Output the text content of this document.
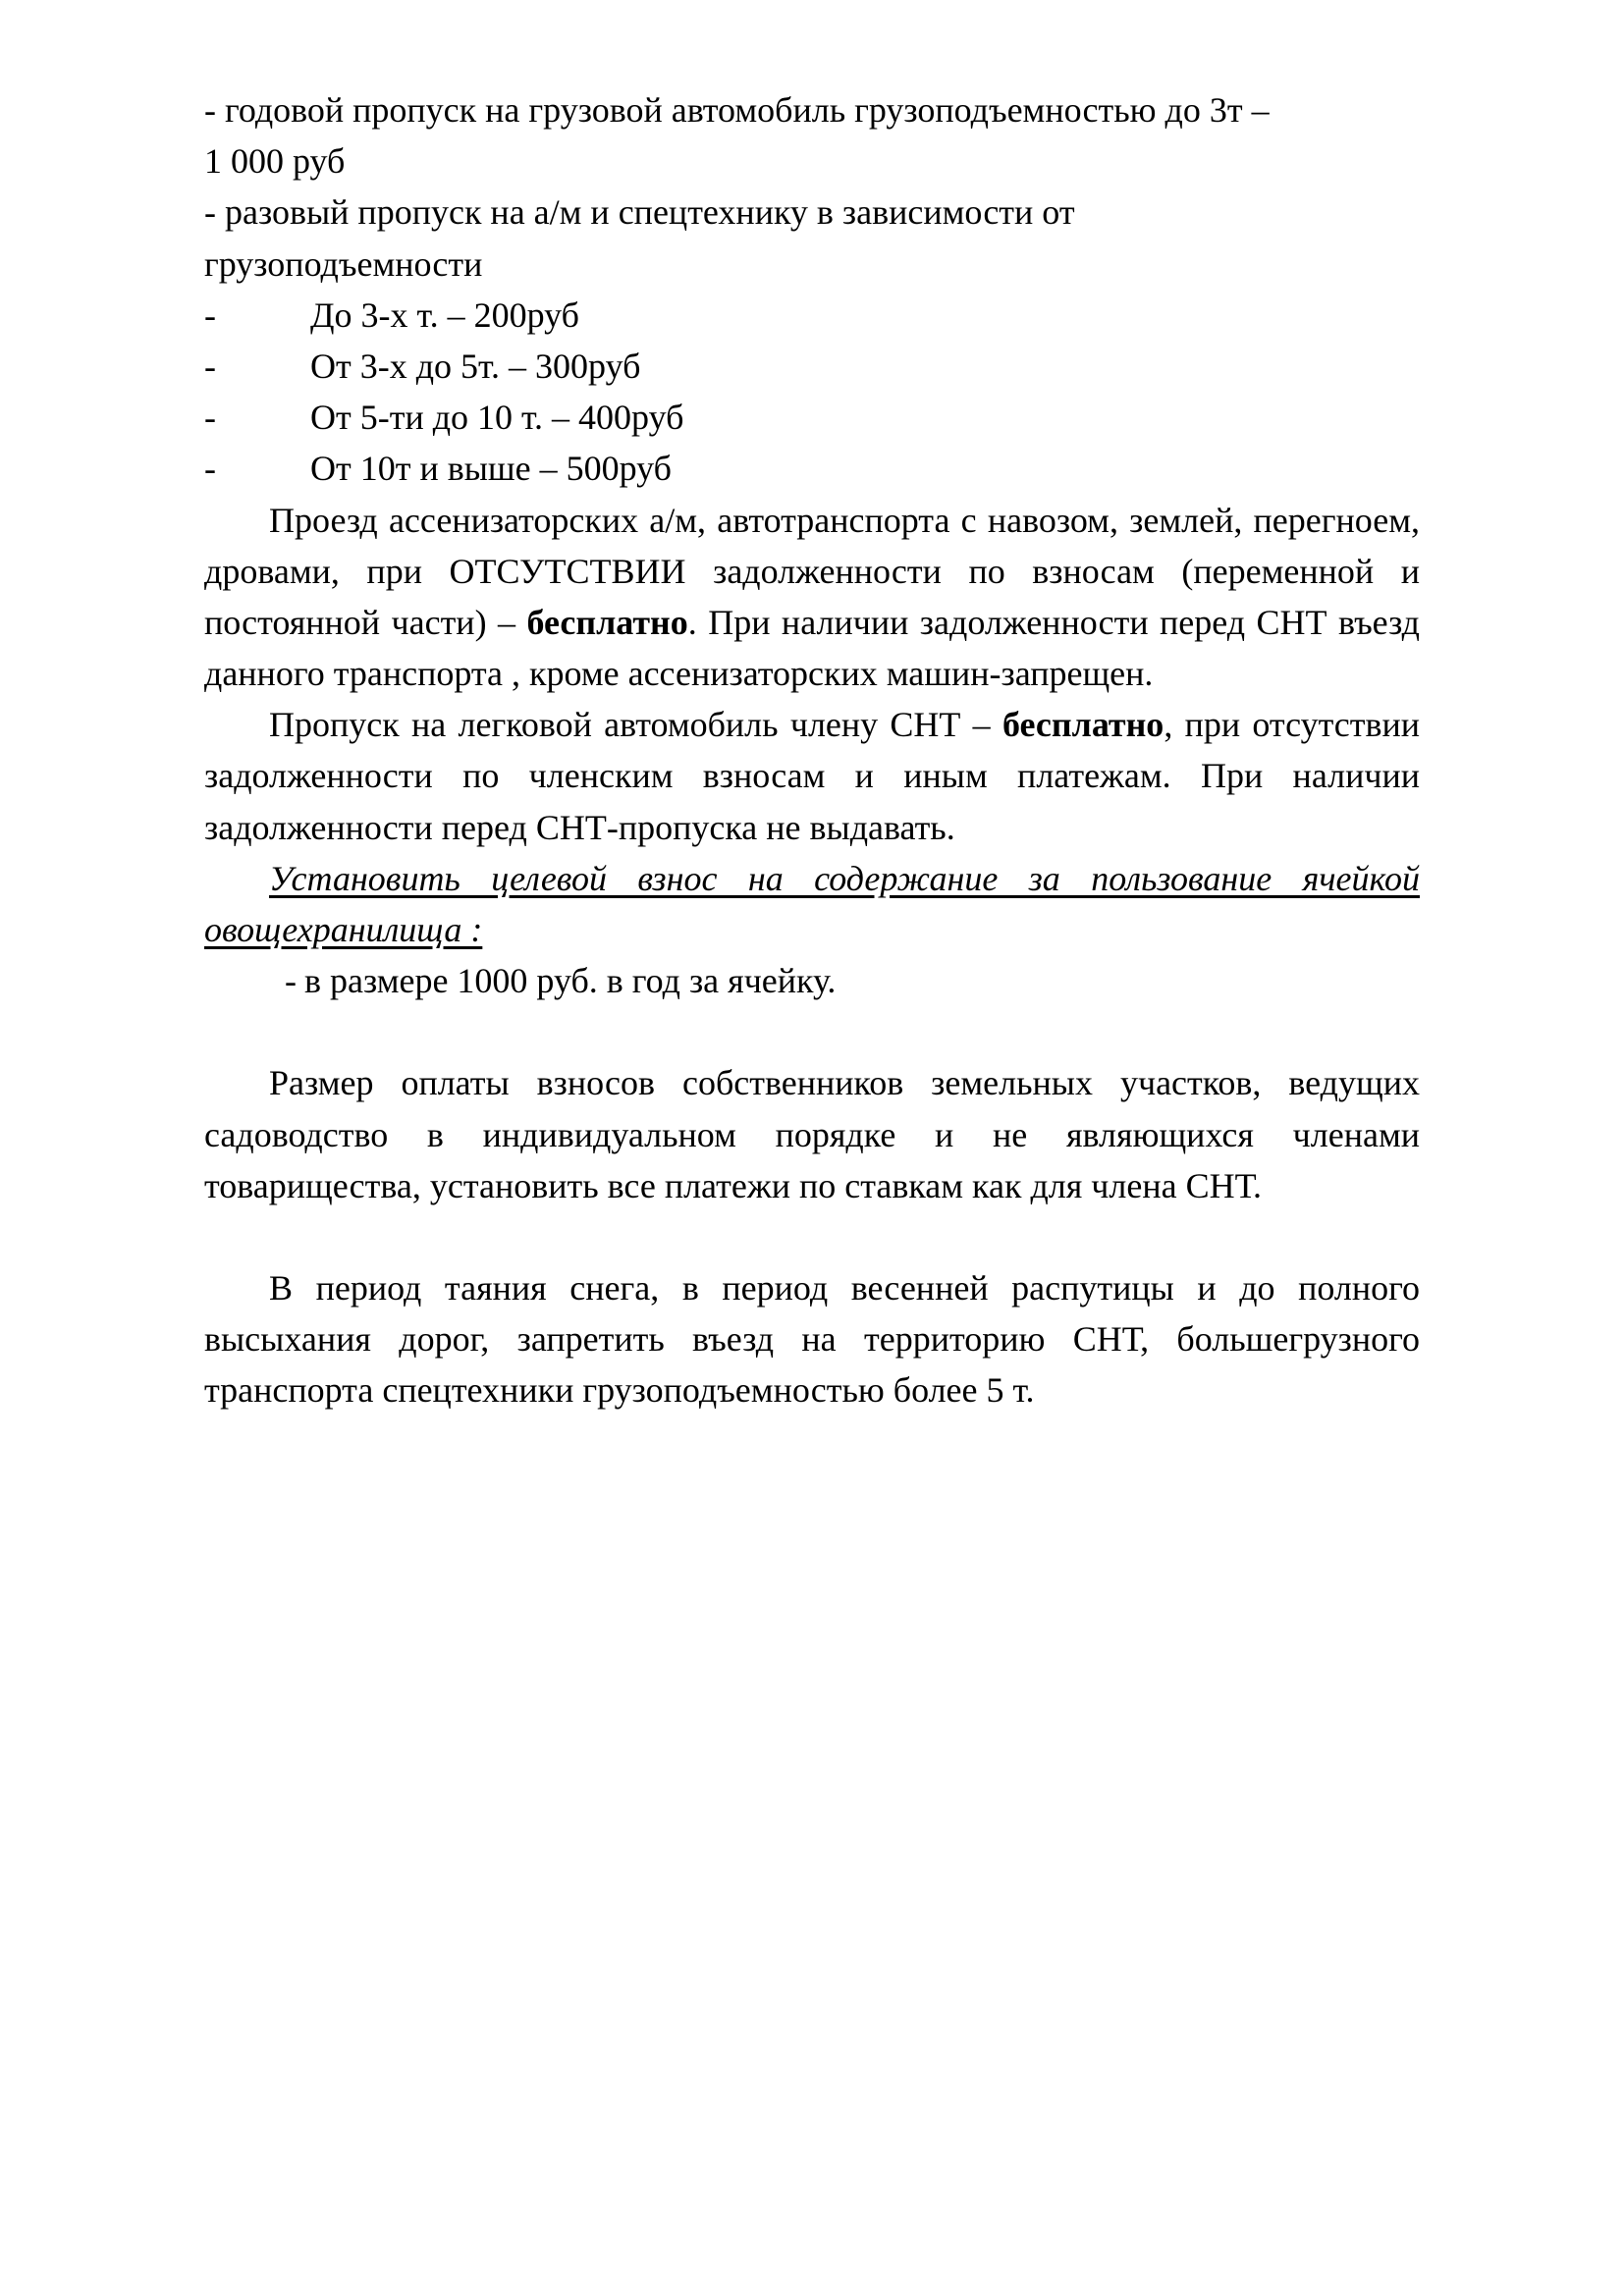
- годовой пропуск на грузовой автомобиль грузоподъемностью до 3т –

1 000 руб

- разовый пропуск на а/м и спецтехнику в зависимости от

грузоподъемности

-	До 3-х т. – 200руб

-	От 3-х до 5т. – 300руб

-	От 5-ти до 10 т. – 400руб

-	От 10т и выше – 500руб

Проезд ассенизаторских а/м, автотранспорта с навозом, землей, перегноем, дровами, при ОТСУТСТВИИ задолженности по взносам (переменной и постоянной части) – бесплатно. При наличии задолженности перед СНТ въезд данного транспорта , кроме ассенизаторских машин-запрещен.

Пропуск на легковой автомобиль члену СНТ – бесплатно, при отсутствии задолженности по членским взносам и иным платежам. При наличии задолженности перед СНТ-пропуска не выдавать.

Установить целевой взнос на содержание за пользование ячейкой овощехранилища :

- в размере 1000 руб. в год за ячейку.

Размер оплаты взносов собственников земельных участков, ведущих садоводство в индивидуальном порядке и не являющихся членами товарищества, установить все платежи по ставкам как для члена СНТ.

В период таяния снега, в период весенней распутицы и до полного высыхания дорог, запретить въезд на территорию СНТ, большегрузного транспорта спецтехники грузоподъемностью более 5 т.
